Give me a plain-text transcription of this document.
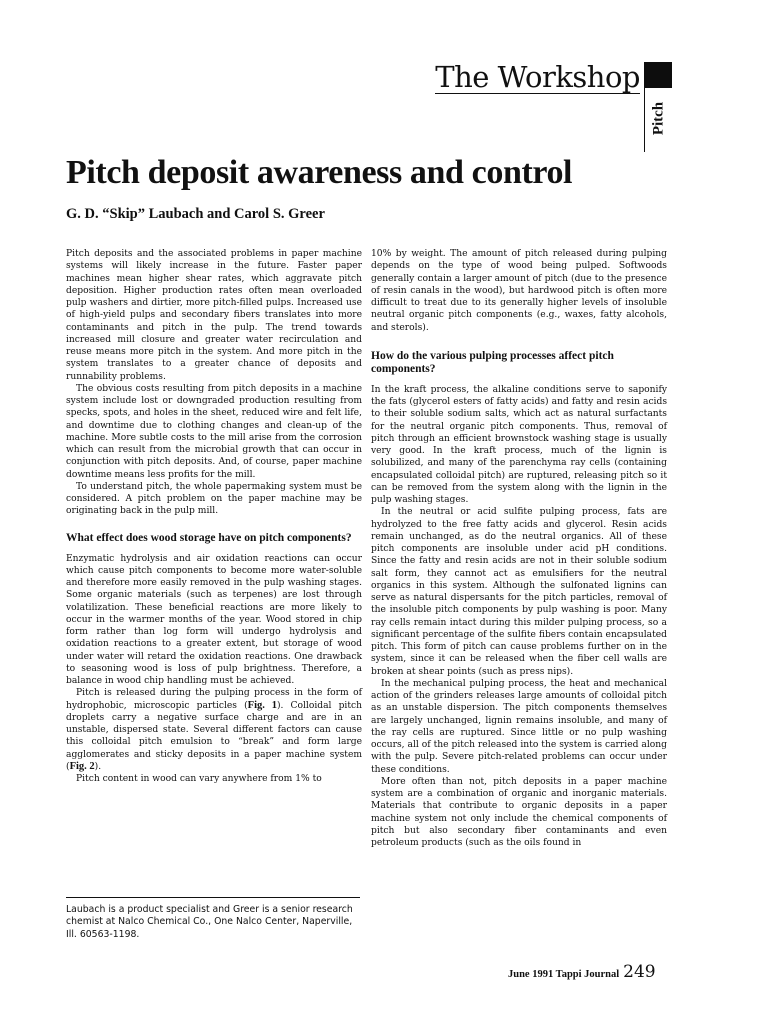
The Workshop
Pitch
Pitch deposit awareness and control

G. D. “Skip” Laubach and Carol S. Greer

Pitch deposits and the associated problems in paper machine systems will likely increase in the future. Faster paper machines mean higher shear rates, which aggravate pitch deposition. Higher production rates often mean overloaded pulp washers and dirtier, more pitch-filled pulps. Increased use of high-yield pulps and secondary fibers translates into more contaminants and pitch in the pulp. The trend towards increased mill closure and greater water recirculation and reuse means more pitch in the system. And more pitch in the system translates to a greater chance of deposits and runnability problems.

The obvious costs resulting from pitch deposits in a machine system include lost or downgraded production resulting from specks, spots, and holes in the sheet, reduced wire and felt life, and downtime due to clothing changes and clean-up of the machine. More subtle costs to the mill arise from the corrosion which can result from the microbial growth that can occur in conjunction with pitch deposits. And, of course, paper machine downtime means less profits for the mill.

To understand pitch, the whole papermaking system must be considered. A pitch problem on the paper machine may be originating back in the pulp mill.

What effect does wood storage have on pitch components?

Enzymatic hydrolysis and air oxidation reactions can occur which cause pitch components to become more water-soluble and therefore more easily removed in the pulp washing stages. Some organic materials (such as terpenes) are lost through volatilization. These beneficial reactions are more likely to occur in the warmer months of the year. Wood stored in chip form rather than log form will undergo hydrolysis and oxidation reactions to a greater extent, but storage of wood under water will retard the oxidation reactions. One drawback to seasoning wood is loss of pulp brightness. Therefore, a balance in wood chip handling must be achieved.

Pitch is released during the pulping process in the form of hydrophobic, microscopic particles (Fig. 1). Colloidal pitch droplets carry a negative surface charge and are in an unstable, dispersed state. Several different factors can cause this colloidal pitch emulsion to “break” and form large agglomerates and sticky deposits in a paper machine system (Fig. 2).

Pitch content in wood can vary anywhere from 1% to

Laubach is a product specialist and Greer is a senior research chemist at Nalco Chemical Co., One Nalco Center, Naperville, Ill. 60563-1198.

10% by weight. The amount of pitch released during pulping depends on the type of wood being pulped. Softwoods generally contain a larger amount of pitch (due to the presence of resin canals in the wood), but hardwood pitch is often more difficult to treat due to its generally higher levels of insoluble neutral organic pitch components (e.g., waxes, fatty alcohols, and sterols).

How do the various pulping processes affect pitch components?

In the kraft process, the alkaline conditions serve to saponify the fats (glycerol esters of fatty acids) and fatty and resin acids to their soluble sodium salts, which act as natural surfactants for the neutral organic pitch components. Thus, removal of pitch through an efficient brownstock washing stage is usually very good. In the kraft process, much of the lignin is solubilized, and many of the parenchyma ray cells (containing encapsulated colloidal pitch) are ruptured, releasing pitch so it can be removed from the system along with the lignin in the pulp washing stages.

In the neutral or acid sulfite pulping process, fats are hydrolyzed to the free fatty acids and glycerol. Resin acids remain unchanged, as do the neutral organics. All of these pitch components are insoluble under acid pH conditions. Since the fatty and resin acids are not in their soluble sodium salt form, they cannot act as emulsifiers for the neutral organics in this system. Although the sulfonated lignins can serve as natural dispersants for the pitch particles, removal of the insoluble pitch components by pulp washing is poor. Many ray cells remain intact during this milder pulping process, so a significant percentage of the sulfite fibers contain encapsulated pitch. This form of pitch can cause problems further on in the system, since it can be released when the fiber cell walls are broken at shear points (such as press nips).

In the mechanical pulping process, the heat and mechanical action of the grinders releases large amounts of colloidal pitch as an unstable dispersion. The pitch components themselves are largely unchanged, lignin remains insoluble, and many of the ray cells are ruptured. Since little or no pulp washing occurs, all of the pitch released into the system is carried along with the pulp. Severe pitch-related problems can occur under these conditions.

More often than not, pitch deposits in a paper machine system are a combination of organic and inorganic materials. Materials that contribute to organic deposits in a paper machine system not only include the chemical components of pitch but also secondary fiber contaminants and even petroleum products (such as the oils found in

June 1991 Tappi Journal 249
